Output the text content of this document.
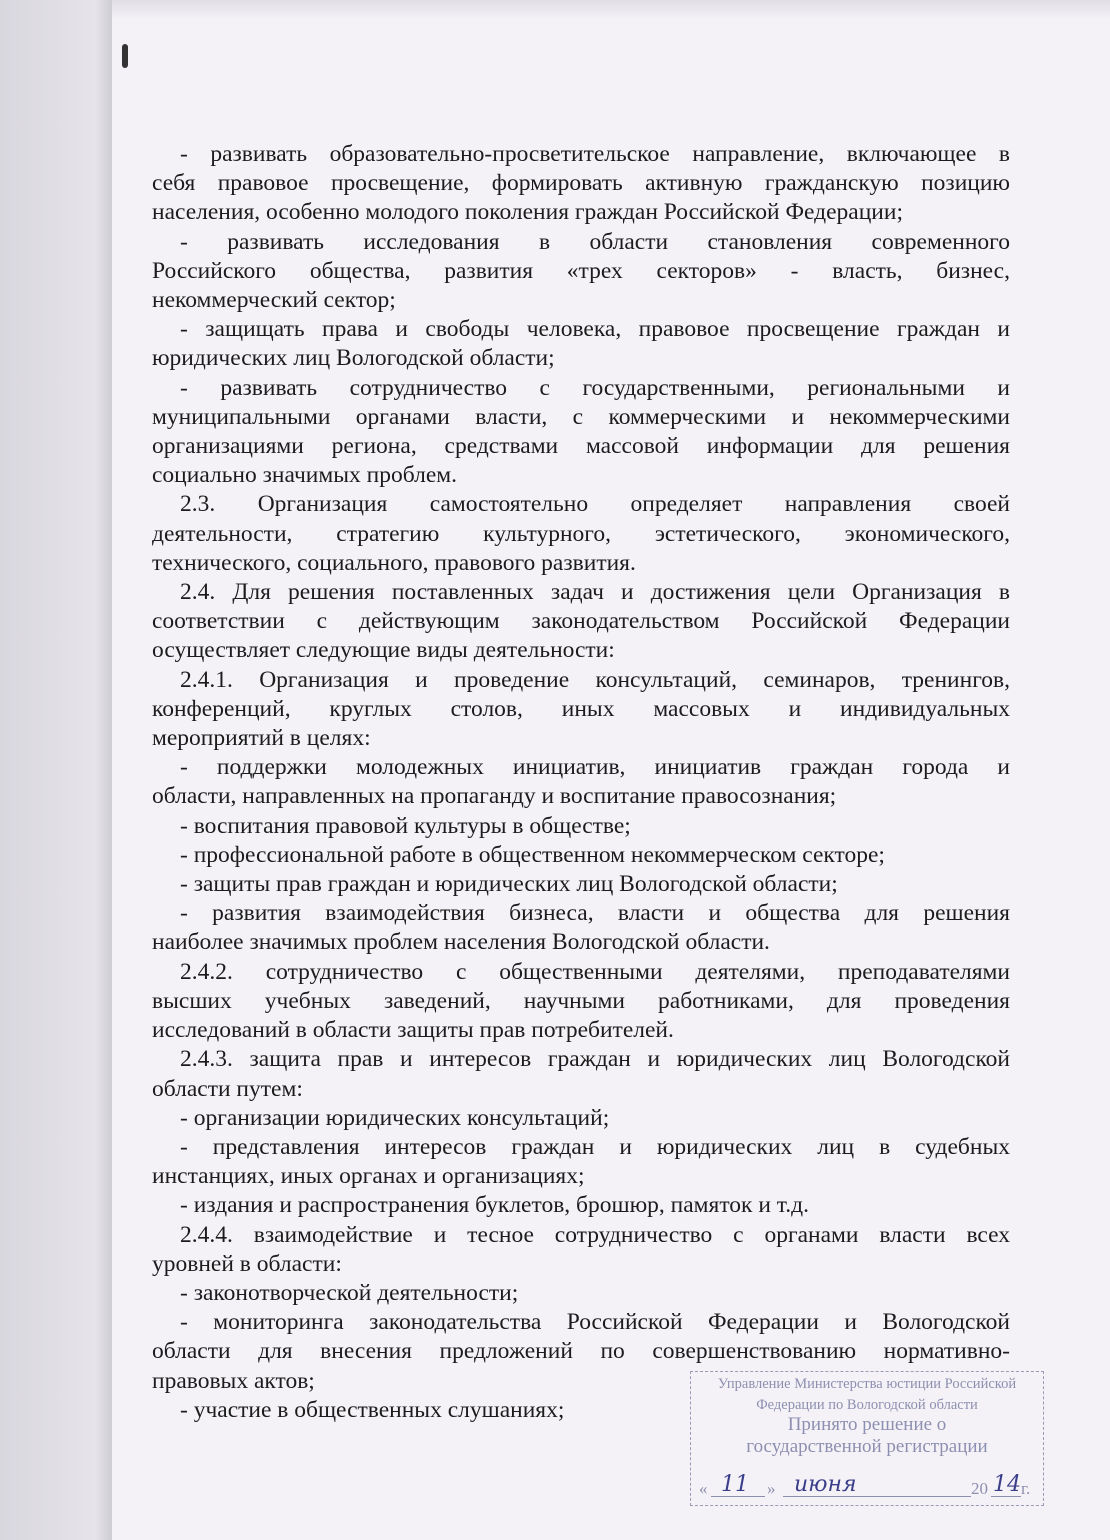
- развивать образовательно-просветительское направление, включающее в
себя правовое просвещение, формировать активную гражданскую позицию
населения, особенно молодого поколения граждан Российской Федерации;
- развивать исследования в области становления современного
Российского общества, развития «трех секторов» - власть, бизнес,
некоммерческий сектор;
- защищать права и свободы человека, правовое просвещение граждан и
юридических лиц Вологодской области;
- развивать сотрудничество с государственными, региональными и
муниципальными органами власти, с коммерческими и некоммерческими
организациями региона, средствами массовой информации для решения
социально значимых проблем.
2.3. Организация самостоятельно определяет направления своей
деятельности, стратегию культурного, эстетического, экономического,
технического, социального, правового развития.
2.4. Для решения поставленных задач и достижения цели Организация в
соответствии с действующим законодательством Российской Федерации
осуществляет следующие виды деятельности:
2.4.1. Организация и проведение консультаций, семинаров, тренингов,
конференций, круглых столов, иных массовых и индивидуальных
мероприятий в целях:
- поддержки молодежных инициатив, инициатив граждан города и
области, направленных на пропаганду и воспитание правосознания;
- воспитания правовой культуры в обществе;
- профессиональной работе в общественном некоммерческом секторе;
- защиты прав граждан и юридических лиц Вологодской области;
- развития взаимодействия бизнеса, власти и общества для решения
наиболее значимых проблем населения Вологодской области.
2.4.2. сотрудничество с общественными деятелями, преподавателями
высших учебных заведений, научными работниками, для проведения
исследований в области защиты прав потребителей.
2.4.3. защита прав и интересов граждан и юридических лиц Вологодской
области путем:
- организации юридических консультаций;
- представления интересов граждан и юридических лиц в судебных
инстанциях, иных органах и организациях;
- издания и распространения буклетов, брошюр, памяток и т.д.
2.4.4. взаимодействие и тесное сотрудничество с органами власти всех
уровней в области:
- законотворческой деятельности;
- мониторинга законодательства Российской Федерации и Вологодской
области для внесения предложений по совершенствованию нормативно-
правовых актов;
- участие в общественных слушаниях;
Управление Министерства юстиции Российской
Федерации по Вологодской области
Принято решение о
государственной регистрации
« 11 » июня	20 14 г.
